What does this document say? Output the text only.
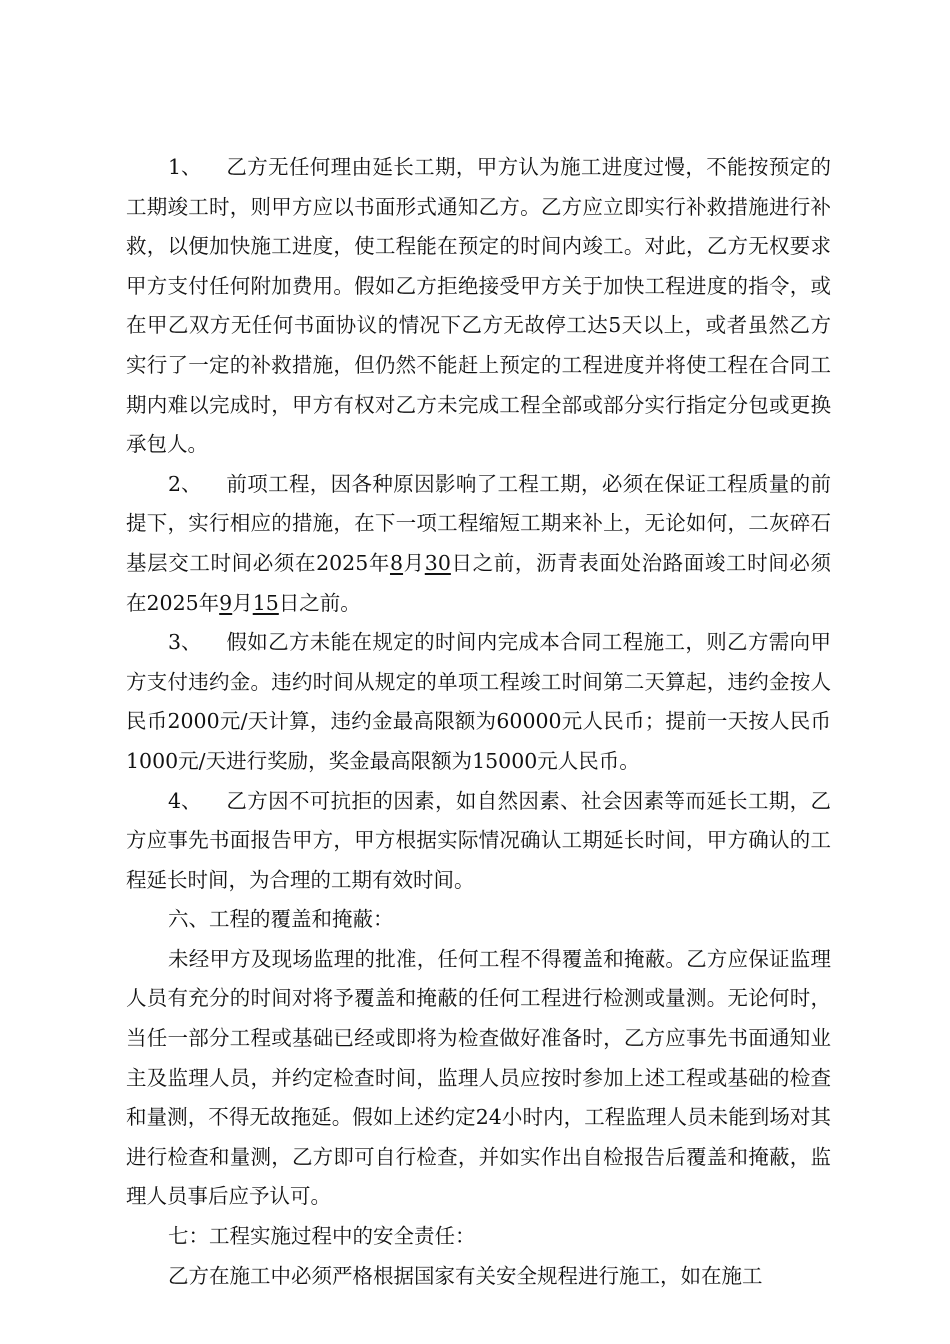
1、 乙方无任何理由延长工期，甲方认为施工进度过慢，不能按预定的工期竣工时，则甲方应以书面形式通知乙方。乙方应立即实行补救措施进行补救，以便加快施工进度，使工程能在预定的时间内竣工。对此，乙方无权要求甲方支付任何附加费用。假如乙方拒绝接受甲方关于加快工程进度的指令，或在甲乙双方无任何书面协议的情况下乙方无故停工达5天以上，或者虽然乙方实行了一定的补救措施，但仍然不能赶上预定的工程进度并将使工程在合同工期内难以完成时，甲方有权对乙方未完成工程全部或部分实行指定分包或更换承包人。

2、 前项工程，因各种原因影响了工程工期，必须在保证工程质量的前提下，实行相应的措施，在下一项工程缩短工期来补上，无论如何，二灰碎石基层交工时间必须在2025年8月30日之前，沥青表面处治路面竣工时间必须在2025年9月15日之前。

3、 假如乙方未能在规定的时间内完成本合同工程施工，则乙方需向甲方支付违约金。违约时间从规定的单项工程竣工时间第二天算起，违约金按人民币2000元/天计算，违约金最高限额为60000元人民币；提前一天按人民币1000元/天进行奖励，奖金最高限额为15000元人民币。

4、 乙方因不可抗拒的因素，如自然因素、社会因素等而延长工期，乙方应事先书面报告甲方，甲方根据实际情况确认工期延长时间，甲方确认的工程延长时间，为合理的工期有效时间。

六、工程的覆盖和掩蔽：

未经甲方及现场监理的批准，任何工程不得覆盖和掩蔽。乙方应保证监理人员有充分的时间对将予覆盖和掩蔽的任何工程进行检测或量测。无论何时，当任一部分工程或基础已经或即将为检查做好准备时，乙方应事先书面通知业主及监理人员，并约定检查时间，监理人员应按时参加上述工程或基础的检查和量测，不得无故拖延。假如上述约定24小时内，工程监理人员未能到场对其进行检查和量测，乙方即可自行检查，并如实作出自检报告后覆盖和掩蔽，监理人员事后应予认可。

七：工程实施过程中的安全责任：

乙方在施工中必须严格根据国家有关安全规程进行施工，如在施工
